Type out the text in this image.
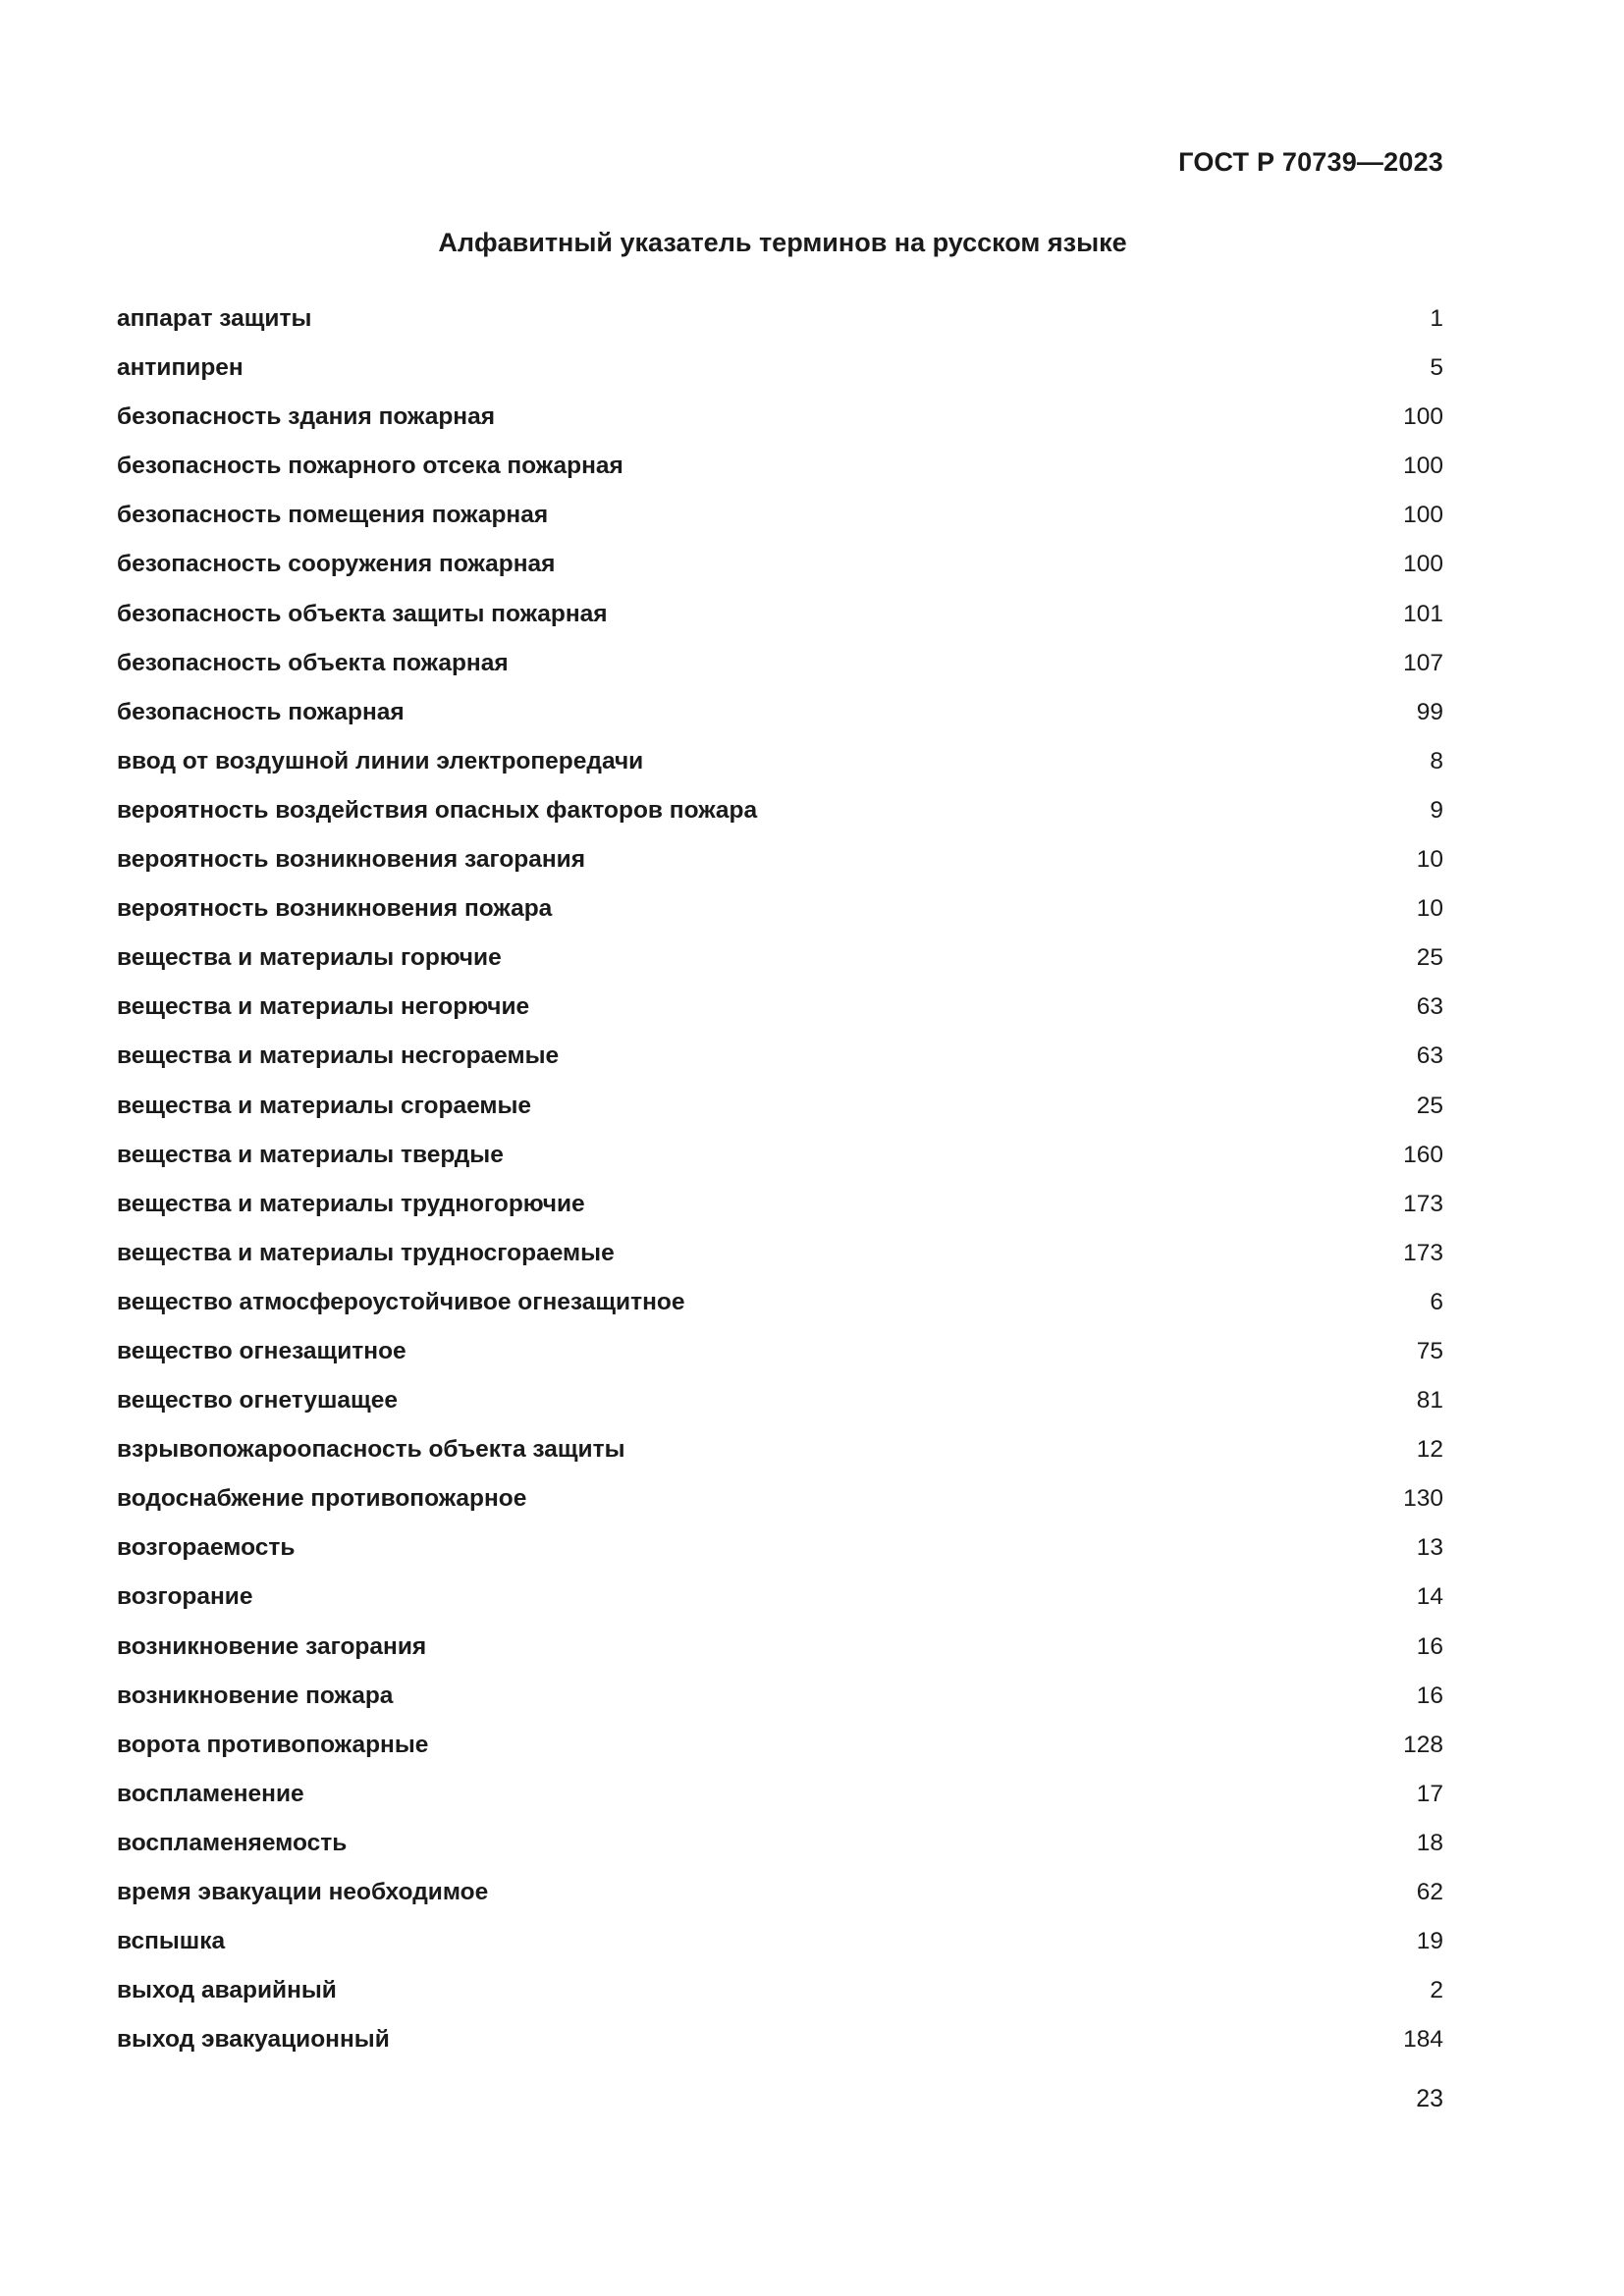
ГОСТ Р 70739—2023
Алфавитный указатель терминов на русском языке
аппарат защиты	1
антипирен	5
безопасность здания пожарная	100
безопасность пожарного отсека пожарная	100
безопасность помещения пожарная	100
безопасность сооружения пожарная	100
безопасность объекта защиты пожарная	101
безопасность объекта пожарная	107
безопасность пожарная	99
ввод от воздушной линии электропередачи	8
вероятность воздействия опасных факторов пожара	9
вероятность возникновения загорания	10
вероятность возникновения пожара	10
вещества и материалы горючие	25
вещества и материалы негорючие	63
вещества и материалы несгораемые	63
вещества и материалы сгораемые	25
вещества и материалы твердые	160
вещества и материалы трудногорючие	173
вещества и материалы трудносгораемые	173
вещество атмосфероустойчивое огнезащитное	6
вещество огнезащитное	75
вещество огнетушащее	81
взрывопожароопасность объекта защиты	12
водоснабжение противопожарное	130
возгораемость	13
возгорание	14
возникновение загорания	16
возникновение пожара	16
ворота противопожарные	128
воспламенение	17
воспламеняемость	18
время эвакуации необходимое	62
вспышка	19
выход аварийный	2
выход эвакуационный	184
23
